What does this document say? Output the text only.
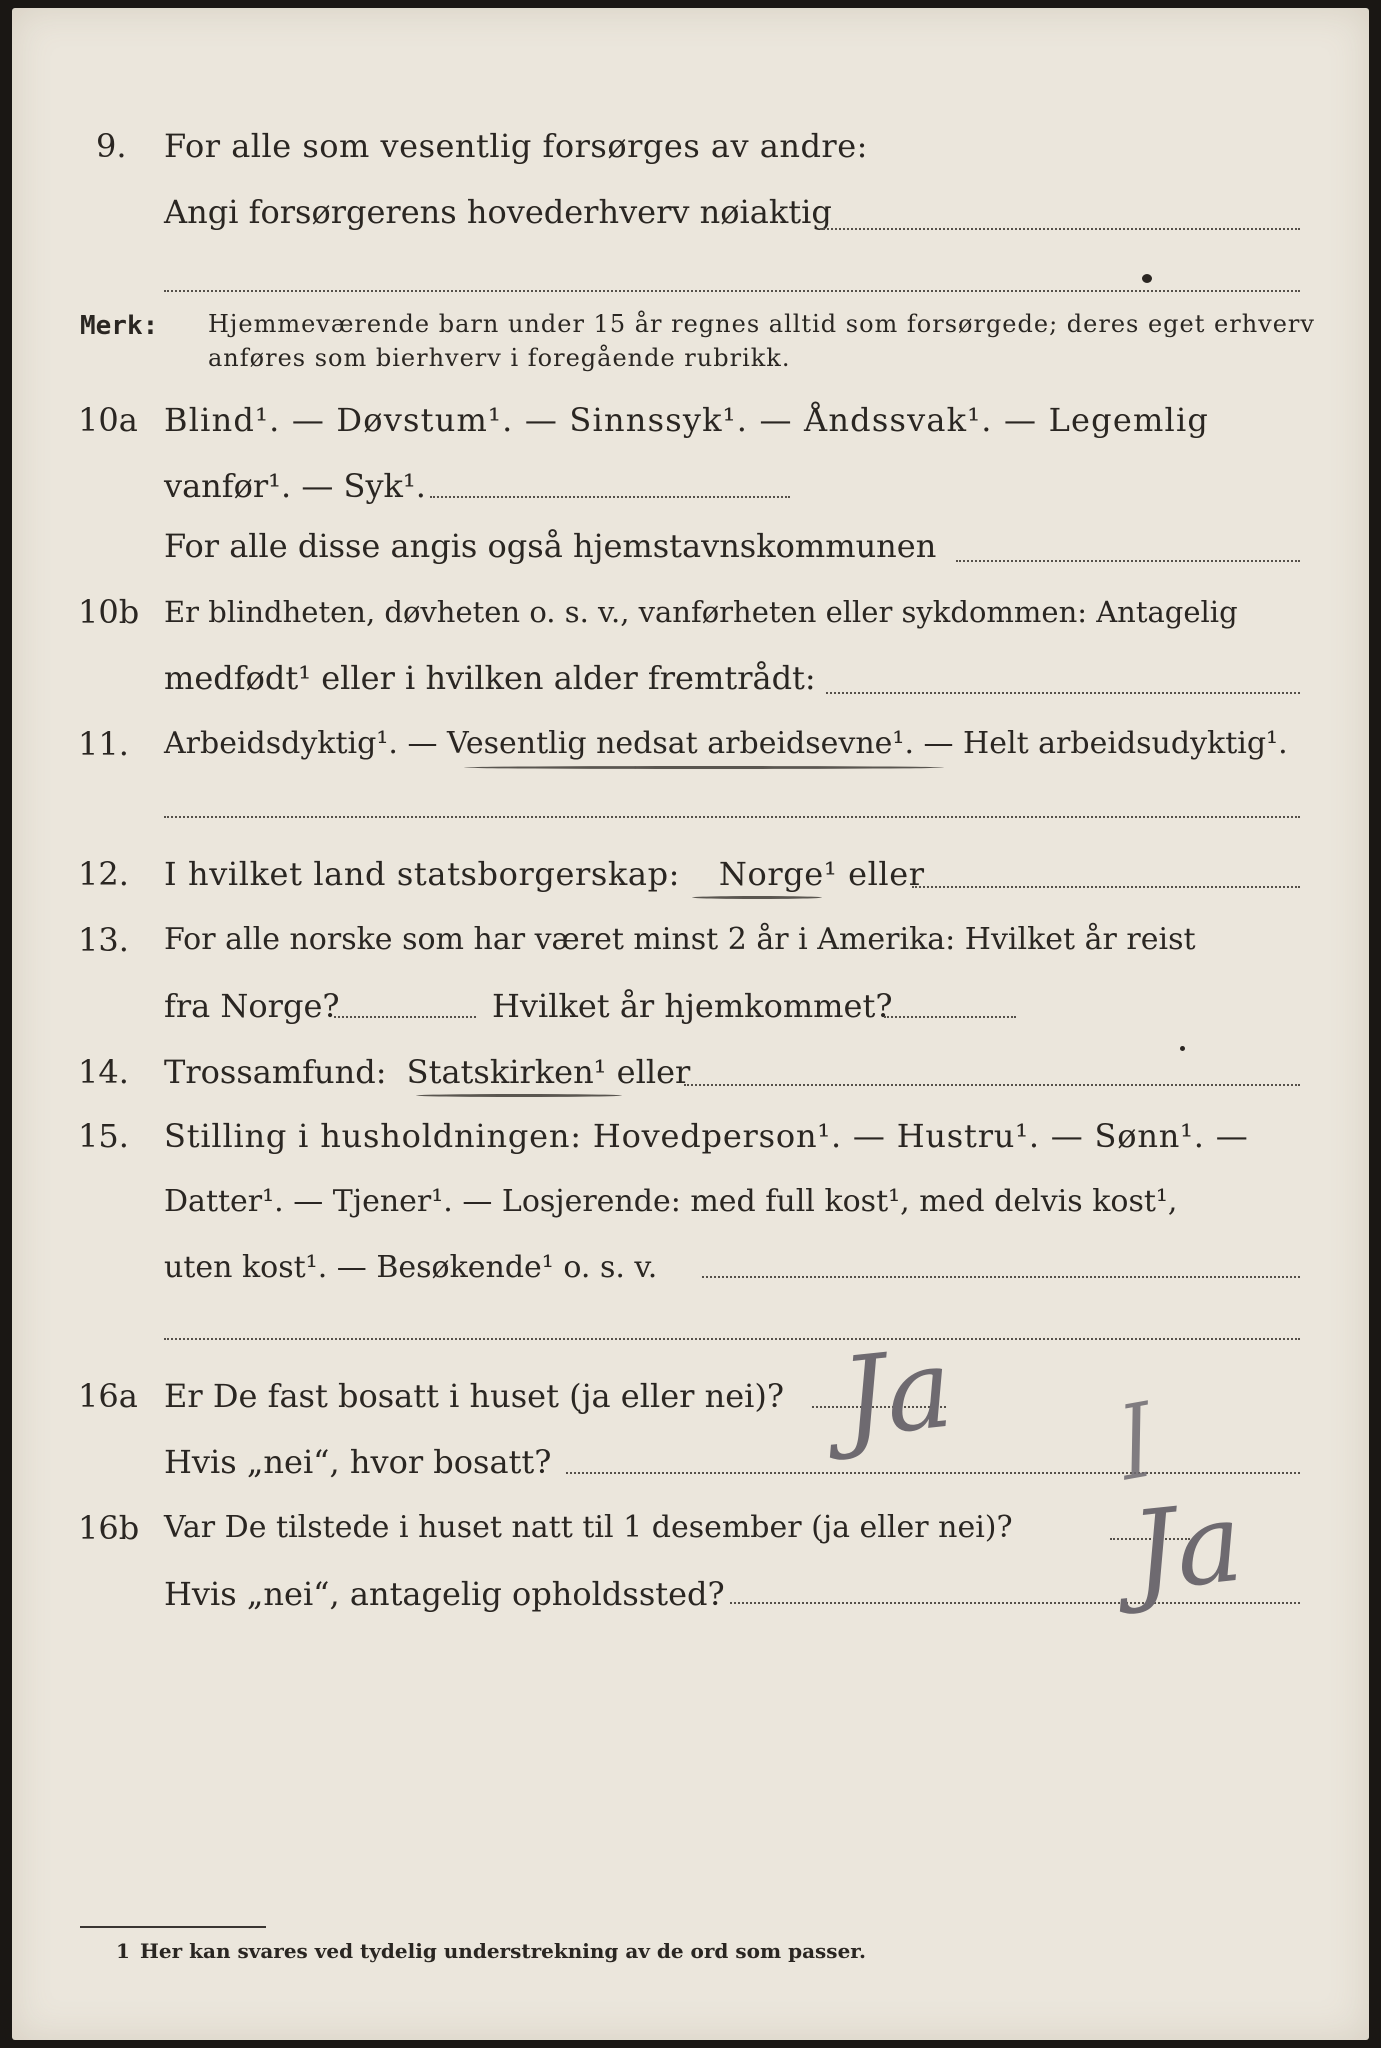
9. For alle som vesentlig forsørges av andre:
Angi forsørgerens hovederhverv nøiaktig
Merk: Hjemmeværende barn under 15 år regnes alltid som forsørgede; deres eget erhverv
anføres som bierhverv i foregående rubrikk.
10a Blind¹. — Døvstum¹. — Sinnssyk¹. — Åndssvak¹. — Legemlig
vanfør¹. — Syk¹.
For alle disse angis også hjemstavnskommunen
10b Er blindheten, døvheten o. s. v., vanførheten eller sykdommen: Antagelig
medfødt¹ eller i hvilken alder fremtrådt:
11. Arbeidsdyktig¹. — Vesentlig nedsat arbeidsevne¹. — Helt arbeidsudyktig¹.
12. I hvilket land statsborgerskap: Norge¹ eller
13. For alle norske som har været minst 2 år i Amerika: Hvilket år reist
fra Norge?	Hvilket år hjemkommet?
14. Trossamfund: Statskirken¹ eller
15. Stilling i husholdningen: Hovedperson¹. — Hustru¹. — Sønn¹. —
Datter¹. — Tjener¹. — Losjerende: med full kost¹, med delvis kost¹,
uten kost¹. — Besøkende¹ o. s. v.
16a Er De fast bosatt i huset (ja eller nei)?
Hvis „nei“, hvor bosatt?
16b Var De tilstede i huset natt til 1 desember (ja eller nei)?
Hvis „nei“, antagelig opholdssted?
Ja ꟾ
Ja
1 Her kan svares ved tydelig understrekning av de ord som passer.
